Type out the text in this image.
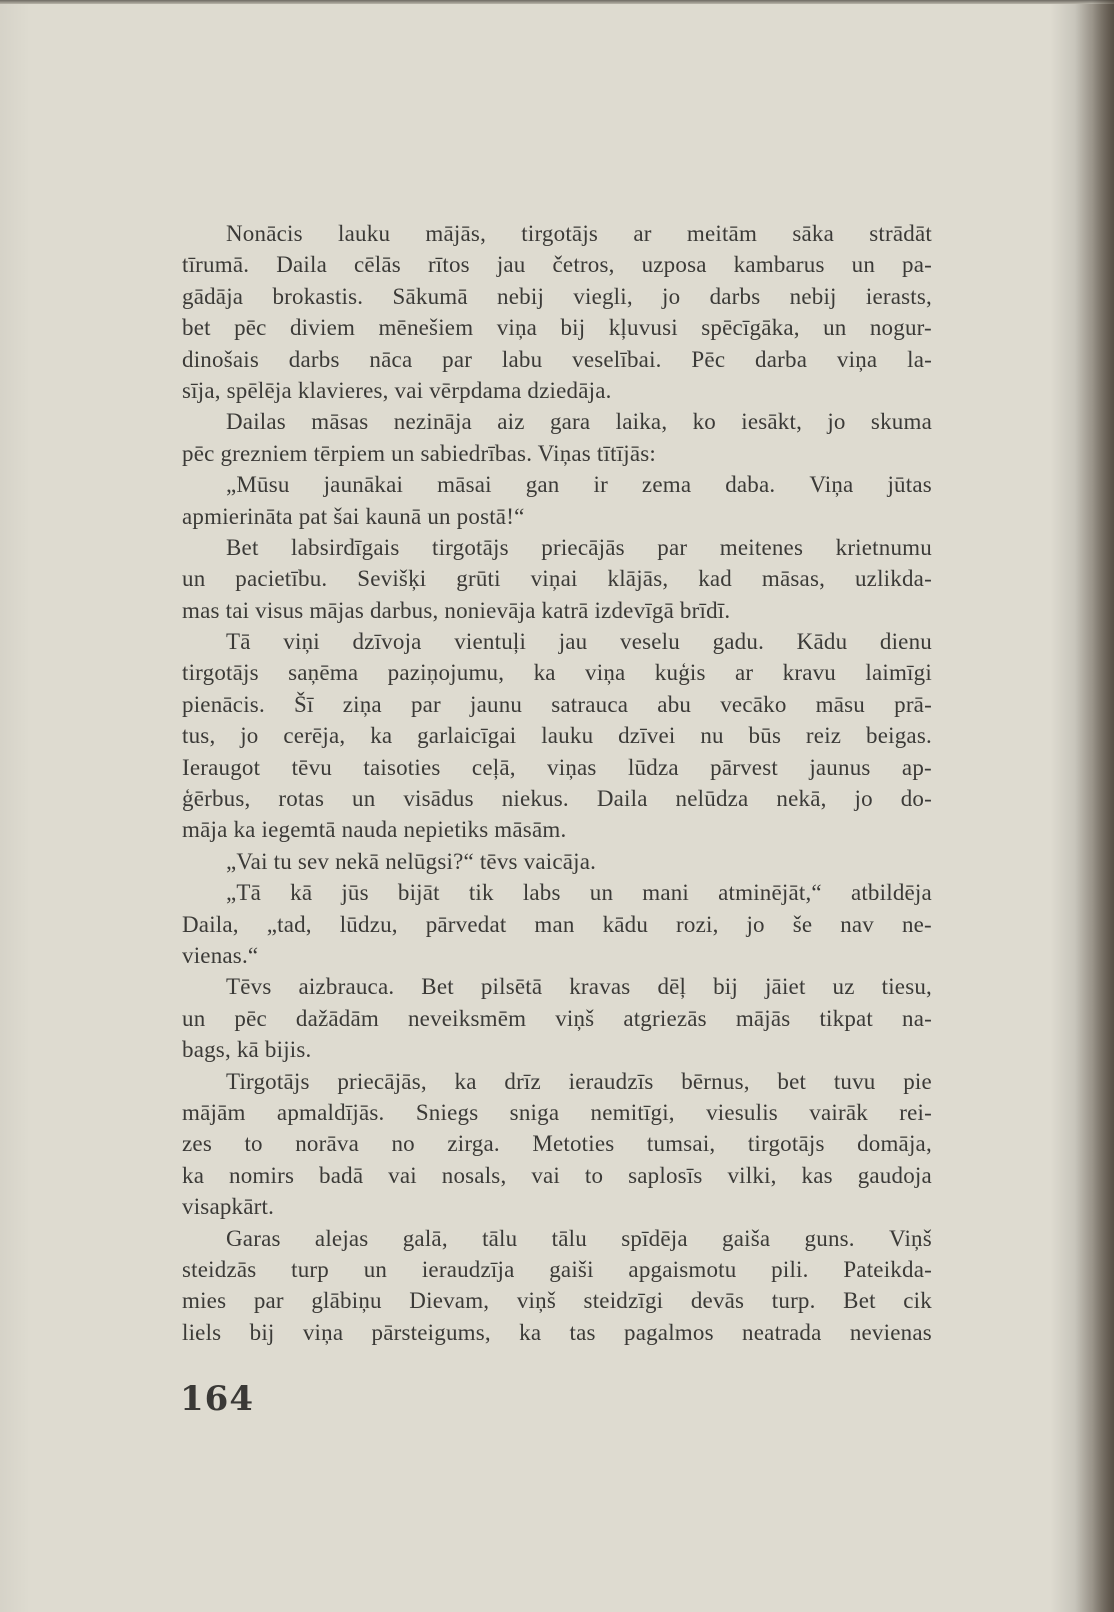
Nonācis lauku mājās, tirgotājs ar meitām sāka strādāt
tīrumā. Daila cēlās rītos jau četros, uzposa kambarus un pa-
gādāja brokastis. Sākumā nebij viegli, jo darbs nebij ierasts,
bet pēc diviem mēnešiem viņa bij kļuvusi spēcīgāka, un nogur-
dinošais darbs nāca par labu veselībai. Pēc darba viņa la-
sīja, spēlēja klavieres, vai vērpdama dziedāja.
Dailas māsas nezināja aiz gara laika, ko iesākt, jo skuma
pēc grezniem tērpiem un sabiedrības. Viņas tītījās:
„Mūsu jaunākai māsai gan ir zema daba. Viņa jūtas
apmierināta pat šai kaunā un postā!“
Bet labsirdīgais tirgotājs priecājās par meitenes krietnumu
un pacietību. Sevišķi grūti viņai klājās, kad māsas, uzlikda-
mas tai visus mājas darbus, nonievāja katrā izdevīgā brīdī.
Tā viņi dzīvoja vientuļi jau veselu gadu. Kādu dienu
tirgotājs saņēma paziņojumu, ka viņa kuģis ar kravu laimīgi
pienācis. Šī ziņa par jaunu satrauca abu vecāko māsu prā-
tus, jo cerēja, ka garlaicīgai lauku dzīvei nu būs reiz beigas.
Ieraugot tēvu taisoties ceļā, viņas lūdza pārvest jaunus ap-
ģērbus, rotas un visādus niekus. Daila nelūdza nekā, jo do-
māja ka iegemtā nauda nepietiks māsām.
„Vai tu sev nekā nelūgsi?“ tēvs vaicāja.
„Tā kā jūs bijāt tik labs un mani atminējāt,“ atbildēja
Daila, „tad, lūdzu, pārvedat man kādu rozi, jo še nav ne-
vienas.“
Tēvs aizbrauca. Bet pilsētā kravas dēļ bij jāiet uz tiesu,
un pēc dažādām neveiksmēm viņš atgriezās mājās tikpat na-
bags, kā bijis.
Tirgotājs priecājās, ka drīz ieraudzīs bērnus, bet tuvu pie
mājām apmaldījās. Sniegs sniga nemitīgi, viesulis vairāk rei-
zes to norāva no zirga. Metoties tumsai, tirgotājs domāja,
ka nomirs badā vai nosals, vai to saplosīs vilki, kas gaudoja
visapkārt.
Garas alejas galā, tālu tālu spīdēja gaiša guns. Viņš
steidzās turp un ieraudzīja gaiši apgaismotu pili. Pateikda-
mies par glābiņu Dievam, viņš steidzīgi devās turp. Bet cik
liels bij viņa pārsteigums, ka tas pagalmos neatrada nevienas
164
